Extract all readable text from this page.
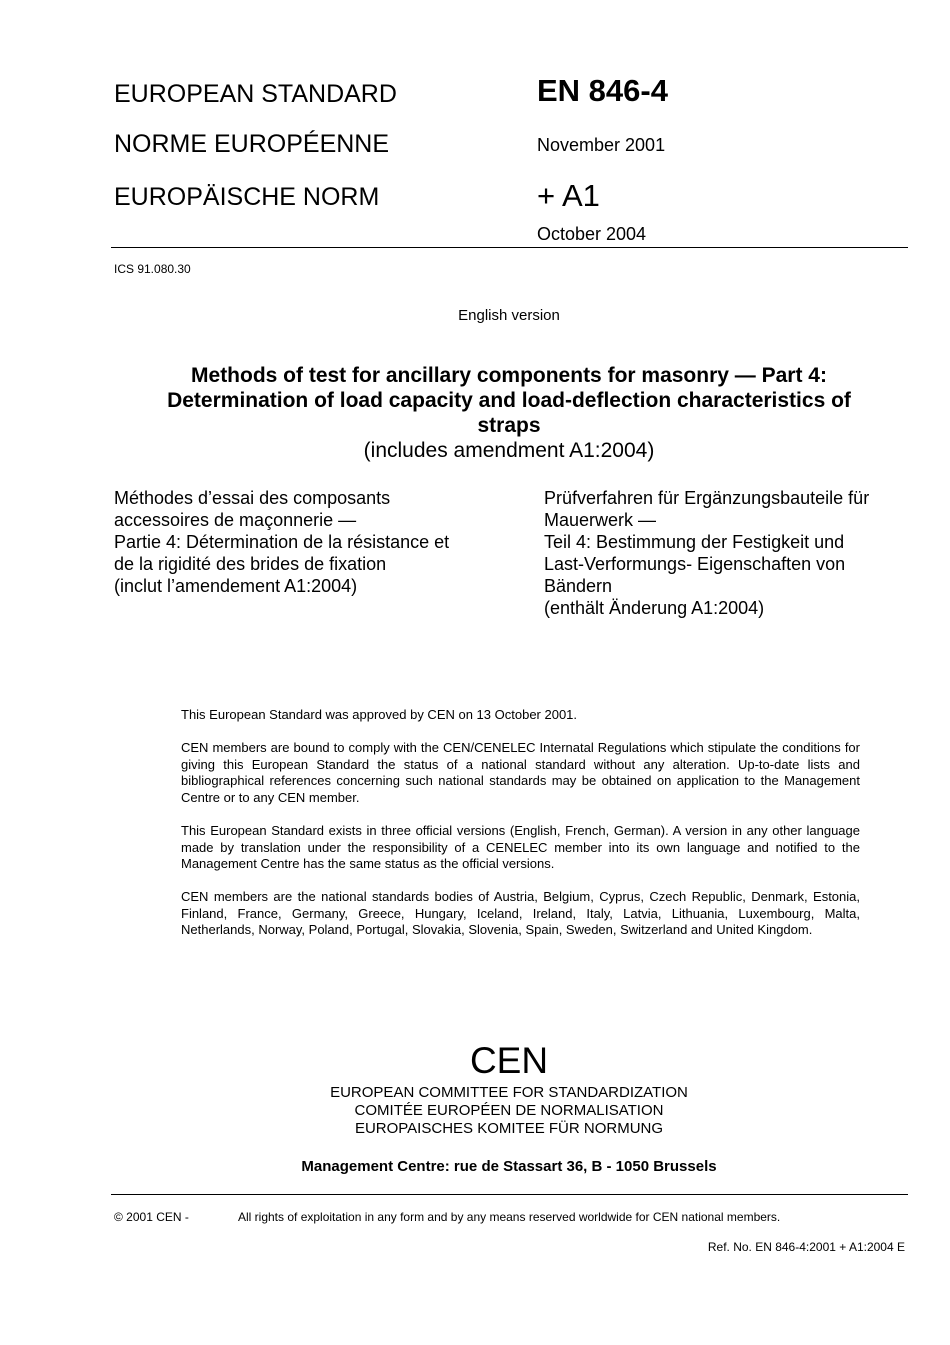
EUROPEAN STANDARD
NORME EUROPÉENNE
EUROPÄISCHE NORM
EN 846-4
November 2001
+ A1
October 2004
ICS 91.080.30
English version
Methods of test for ancillary components for masonry — Part 4:
Determination of load capacity and load-deflection characteristics of
straps
(includes amendment A1:2004)
Méthodes d’essai des composants
accessoires de maçonnerie —
Partie 4: Détermination de la résistance et
de la rigidité des brides de fixation
(inclut l’amendement A1:2004)
Prüfverfahren für Ergänzungsbauteile für
Mauerwerk —
Teil 4: Bestimmung der Festigkeit und
Last-Verformungs- Eigenschaften von
Bändern
(enthält Änderung A1:2004)
This European Standard was approved by CEN on 13 October 2001.
CEN members are bound to comply with the CEN/CENELEC Internatal Regulations which stipulate the conditions for giving this European Standard the status of a national standard without any alteration. Up-to-date lists and bibliographical references concerning such national standards may be obtained on application to the Management Centre or to any CEN member.
This European Standard exists in three official versions (English, French, German). A version in any other language made by translation under the responsibility of a CENELEC member into its own language and notified to the Management Centre has the same status as the official versions.
CEN members are the national standards bodies of Austria, Belgium, Cyprus, Czech Republic, Denmark, Estonia, Finland, France, Germany, Greece, Hungary, Iceland, Ireland, Italy, Latvia, Lithuania, Luxembourg, Malta, Netherlands, Norway, Poland, Portugal, Slovakia, Slovenia, Spain, Sweden, Switzerland and United Kingdom.
CEN
EUROPEAN COMMITTEE FOR STANDARDIZATION
COMITÉE EUROPÉEN DE NORMALISATION
EUROPAISCHES KOMITEE FÜR NORMUNG
Management Centre: rue de Stassart 36, B - 1050 Brussels
© 2001 CEN -	All rights of exploitation in any form and by any means reserved worldwide for CEN national members.
Ref. No. EN 846-4:2001 + A1:2004 E
